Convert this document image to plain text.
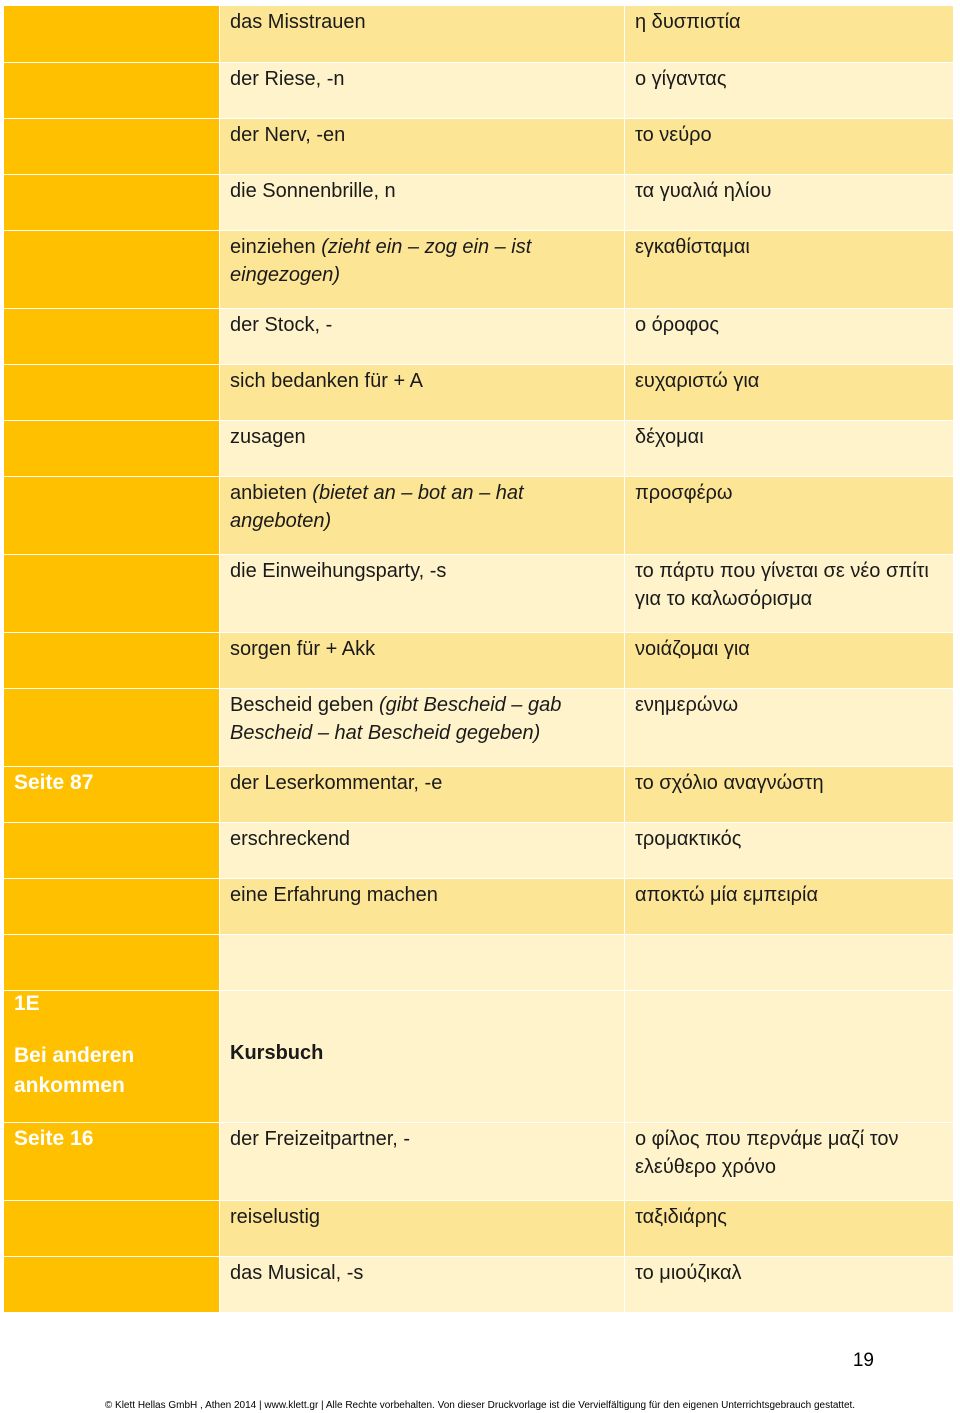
	das Misstrauen	η δυσπιστία

	der Riese, -n	ο γίγαντας

	der Nerv, -en	το νεύρο

	die Sonnenbrille, n	τα γυαλιά ηλίου

	einziehen (zieht ein – zog ein – ist eingezogen)	εγκαθίσταμαι

	der Stock, -	ο όροφος

	sich bedanken für + A	ευχαριστώ για

	zusagen	δέχομαι

	anbieten (bietet an – bot an – hat angeboten)	προσφέρω

	die Einweihungsparty, -s	το πάρτυ που γίνεται σε νέο σπίτι για το καλωσόρισμα

	sorgen für + Akk	νοιάζομαι για

	Bescheid geben (gibt Bescheid – gab Bescheid – hat Bescheid gegeben)	ενημερώνω

Seite 87	der Leserkommentar, -e	το σχόλιο αναγνώστη

	erschreckend	τρομακτικός

	eine Erfahrung machen	αποκτώ μία εμπειρία

1E
Bei anderen ankommen	Kursbuch	

Seite 16	der Freizeitpartner, -	ο φίλος που περνάμε μαζί τον ελεύθερο χρόνο

	reiselustig	ταξιδιάρης

	das Musical, -s	το μιούζικαλ
19
© Klett Hellas GmbH , Athen 2014 | www.klett.gr | Alle Rechte vorbehalten. Von dieser Druckvorlage ist die Vervielfältigung für den eigenen Unterrichtsgebrauch gestattet.
